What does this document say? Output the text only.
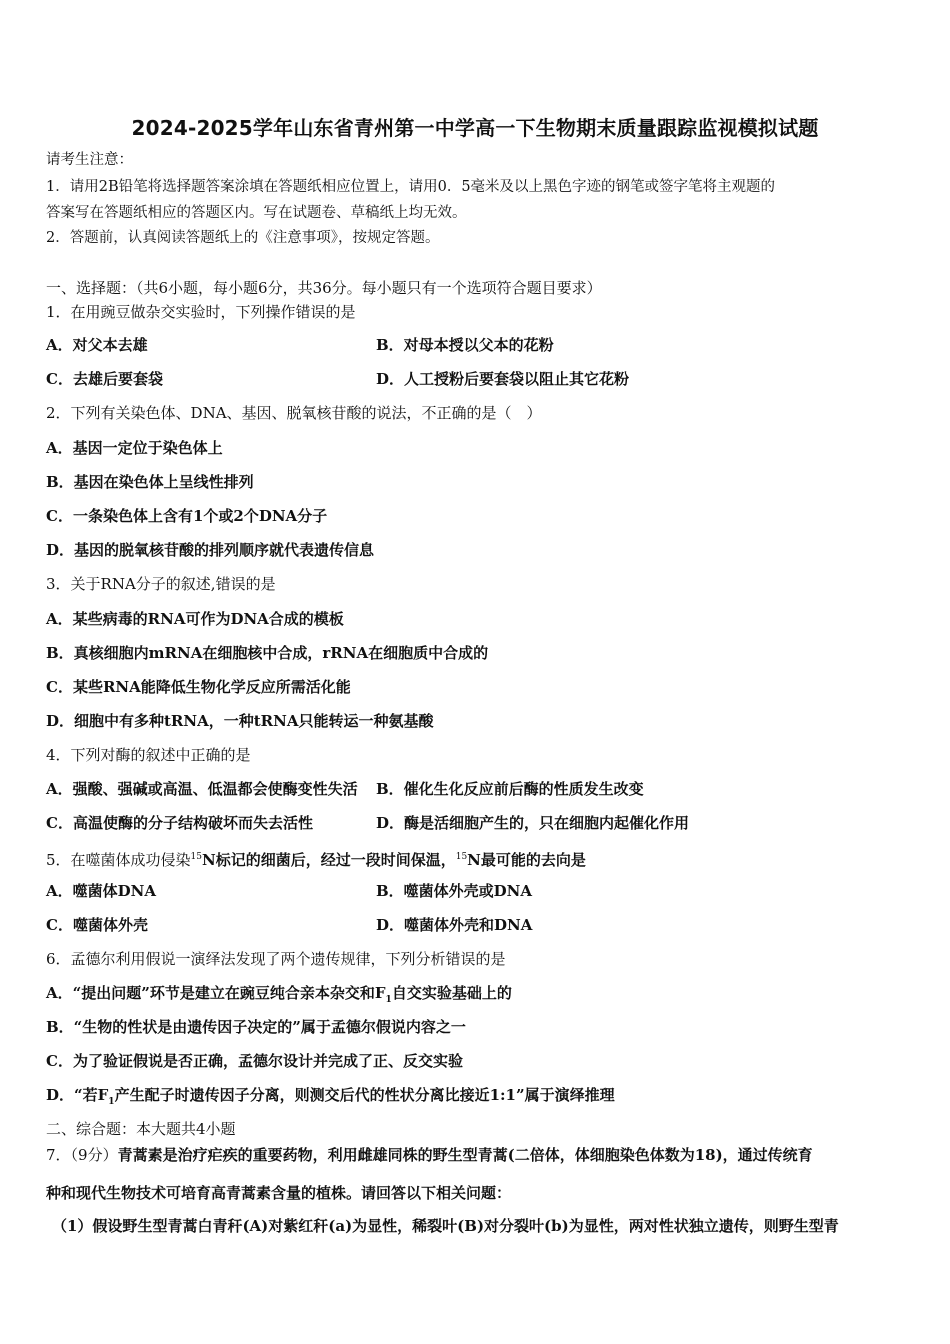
2024-2025学年山东省青州第一中学高一下生物期末质量跟踪监视模拟试题
请考生注意：
1．请用2B铅笔将选择题答案涂填在答题纸相应位置上，请用0．5毫米及以上黑色字迹的钢笔或签字笔将主观题的
答案写在答题纸相应的答题区内。写在试题卷、草稿纸上均无效。
2．答题前，认真阅读答题纸上的《注意事项》，按规定答题。
一、选择题：（共6小题，每小题6分，共36分。每小题只有一个选项符合题目要求）
1．在用豌豆做杂交实验时，下列操作错误的是
A．对父本去雄	B．对母本授以父本的花粉
C．去雄后要套袋	D．人工授粉后要套袋以阻止其它花粉
2．下列有关染色体、DNA、基因、脱氧核苷酸的说法，不正确的是（　）
A．基因一定位于染色体上
B．基因在染色体上呈线性排列
C．一条染色体上含有1个或2个DNA分子
D．基因的脱氧核苷酸的排列顺序就代表遗传信息
3．关于RNA分子的叙述,错误的是
A．某些病毒的RNA可作为DNA合成的模板
B．真核细胞内mRNA在细胞核中合成，rRNA在细胞质中合成的
C．某些RNA能降低生物化学反应所需活化能
D．细胞中有多种tRNA，一种tRNA只能转运一种氨基酸
4．下列对酶的叙述中正确的是
A．强酸、强碱或高温、低温都会使酶变性失活 B．催化生化反应前后酶的性质发生改变
C．高温使酶的分子结构破坏而失去活性	D．酶是活细胞产生的，只在细胞内起催化作用
5．在噬菌体成功侵染$^{15}$N标记的细菌后，经过一段时间保温，$^{15}$N最可能的去向是
A．噬菌体DNA	B．噬菌体外壳或DNA
C．噬菌体外壳	D．噬菌体外壳和DNA
6．孟德尔利用假说一演绎法发现了两个遗传规律，下列分析错误的是
A．“提出问题”环节是建立在豌豆纯合亲本杂交和$F_1$自交实验基础上的
B．“生物的性状是由遗传因子决定的”属于孟德尔假说内容之一
C．为了验证假说是否正确，孟德尔设计并完成了正、反交实验
D．“若$F_1$产生配子时遗传因子分离，则测交后代的性状分离比接近1:1”属于演绎推理
二、综合题：本大题共4小题
7．（9分）青蒿素是治疗疟疾的重要药物，利用雌雄同株的野生型青蒿(二倍体，体细胞染色体数为18)，通过传统育
种和现代生物技术可培育高青蒿素含量的植株。请回答以下相关问题：
（1）假设野生型青蒿白青秆(A)对紫红秆(a)为显性，稀裂叶(B)对分裂叶(b)为显性，两对性状独立遗传，则野生型青
